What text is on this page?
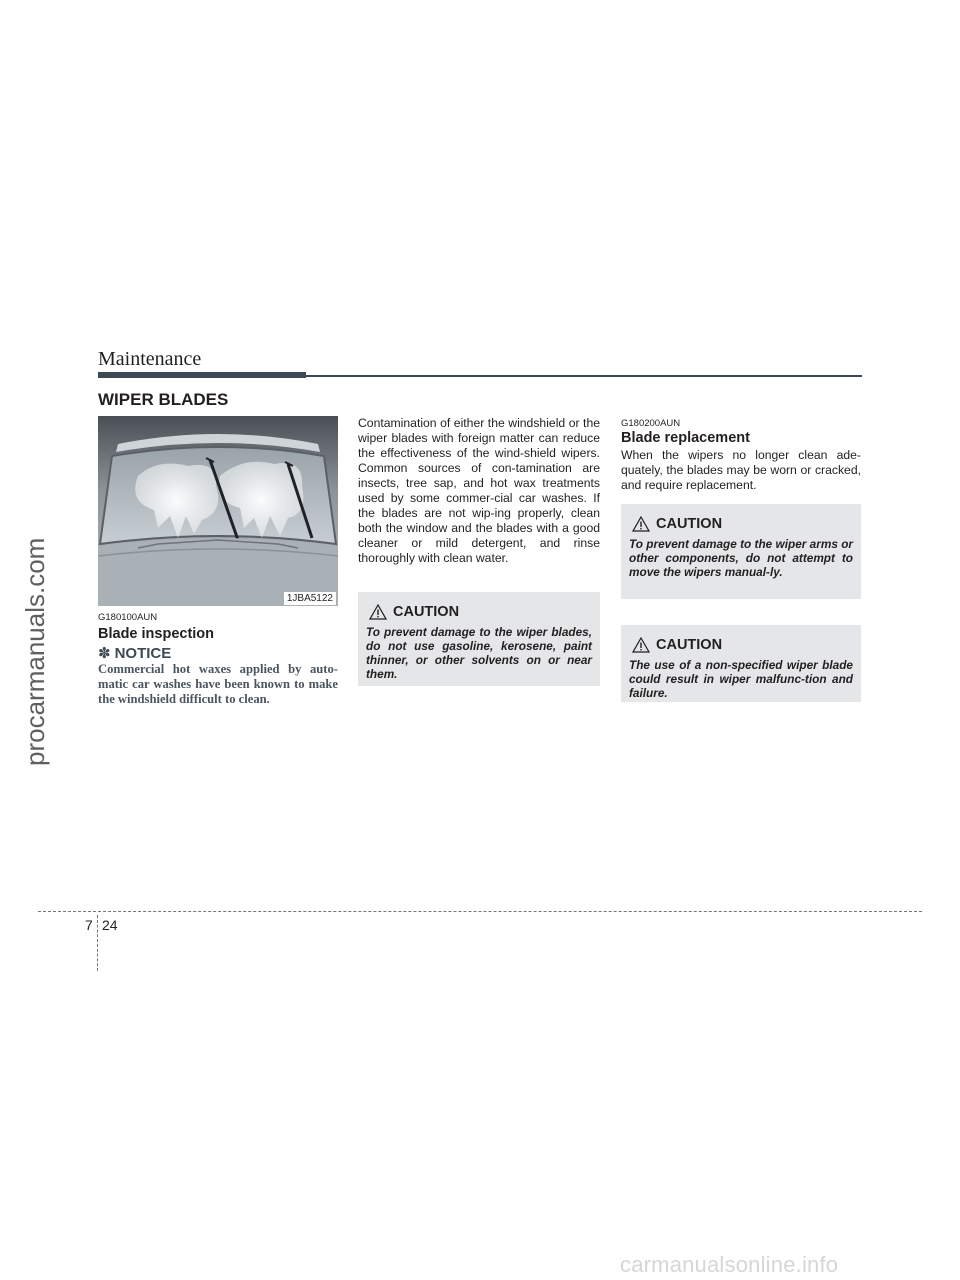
procarmanuals.com
Maintenance
WIPER BLADES
1JBA5122
G180100AUN
Blade inspection
✽ NOTICE
Commercial hot waxes applied by auto-matic car washes have been known to make the windshield difficult to clean.
Contamination of either the windshield or the wiper blades with foreign matter can reduce the effectiveness of the wind-shield wipers. Common sources of con-tamination are insects, tree sap, and hot wax treatments used by some commer-cial car washes. If the blades are not wip-ing properly, clean both the window and the blades with a good cleaner or mild detergent, and rinse thoroughly with clean water.
CAUTION
To prevent damage to the wiper blades, do not use gasoline, kerosene, paint thinner, or other solvents on or near them.
G180200AUN
Blade replacement
When the wipers no longer clean ade-quately, the blades may be worn or cracked, and require replacement.
CAUTION
To prevent damage to the wiper arms or other components, do not attempt to move the wipers manual-ly.
CAUTION
The use of a non-specified wiper blade could result in wiper malfunc-tion and failure.
7 24
carmanualsonline.info
